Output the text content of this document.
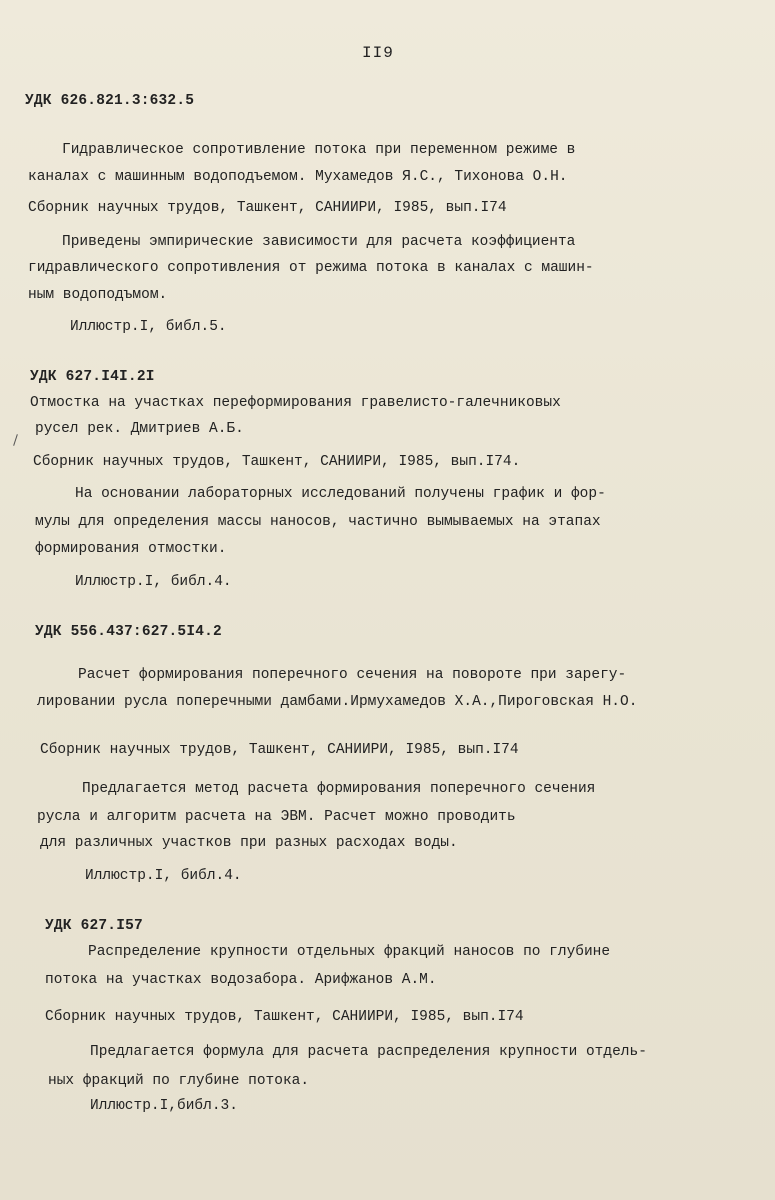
II9
УДК 626.821.3:632.5
Гидравлическое сопротивление потока при переменном режиме в
каналах с машинным водоподъемом. Мухамедов Я.С., Тихонова О.Н.
Сборник научных трудов, Ташкент, САНИИРИ, I985, вып.I74
Приведены эмпирические зависимости для расчета коэффициента
гидравлического сопротивления от режима потока в каналах с машин-
ным водоподъмом.
Иллюстр.I, библ.5.
УДК 627.I4I.2I
Отмостка на участках переформирования гравелисто-галечниковых
русел рек. Дмитриев А.Б.
Сборник научных трудов, Ташкент, САНИИРИ, I985, вып.I74.
На основании лабораторных исследований получены график и фор-
мулы для определения массы наносов, частично вымываемых на этапах
формирования отмостки.
Иллюстр.I, библ.4.
УДК 556.437:627.5I4.2
Расчет формирования поперечного сечения на повороте при зарегу-
лировании русла поперечными дамбами.Ирмухамедов Х.А.,Пироговская Н.О.
Сборник научных трудов, Ташкент, САНИИРИ, I985, вып.I74
Предлагается метод расчета формирования поперечного сечения
русла и алгоритм расчета на ЭВМ. Расчет можно проводить
для различных участков при разных расходах воды.
Иллюстр.I, библ.4.
УДК 627.I57
Распределение крупности отдельных фракций наносов по глубине
потока на участках водозабора. Арифжанов А.М.
Сборник научных трудов, Ташкент, САНИИРИ, I985, вып.I74
Предлагается формула для расчета распределения крупности отдель-
ных фракций по глубине потока.
Иллюстр.I,библ.3.
